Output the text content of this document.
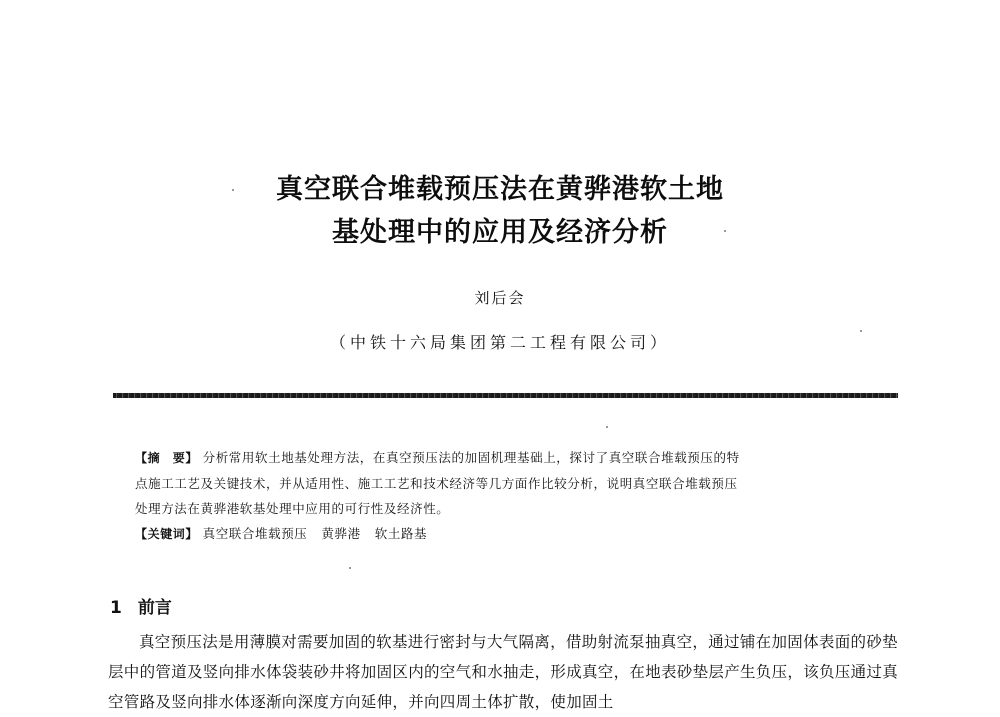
真空联合堆载预压法在黄骅港软土地
基处理中的应用及经济分析
刘后会
（中铁十六局集团第二工程有限公司）

【摘　要】 分析常用软土地基处理方法，在真空预压法的加固机理基础上，探讨了真空联合堆载预压的特

点施工工艺及关键技术，并从适用性、施工工艺和技术经济等几方面作比较分析，说明真空联合堆载预压

处理方法在黄骅港软基处理中应用的可行性及经济性。

【关键词】 真空联合堆载预压 黄骅港 软土路基

1 前言

真空预压法是用薄膜对需要加固的软基进行密封与大气隔离，借助射流泵抽真空，通过铺在加固体表面的砂垫层中的管道及竖向排水体袋装砂井将加固区内的空气和水抽走，形成真空，在地表砂垫层产生负压，该负压通过真空管路及竖向排水体逐渐向深度方向延伸，并向四周土体扩散，使加固土
